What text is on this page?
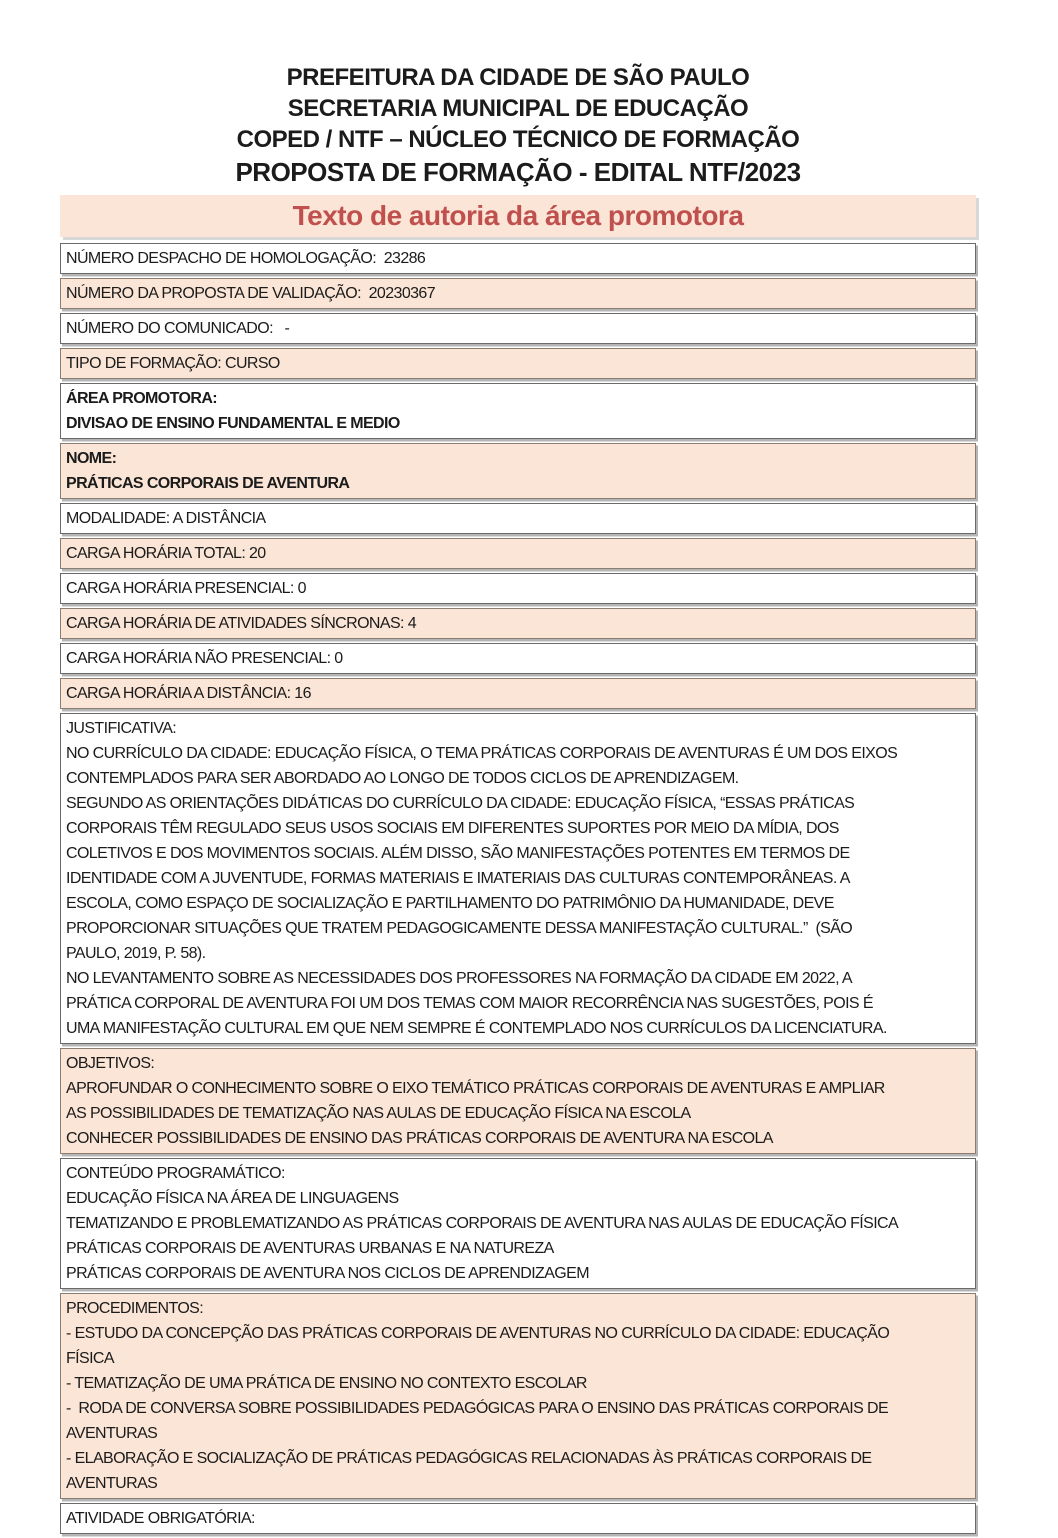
PREFEITURA DA CIDADE DE SÃO PAULO
SECRETARIA MUNICIPAL DE EDUCAÇÃO
COPED / NTF – NÚCLEO TÉCNICO DE FORMAÇÃO
PROPOSTA DE FORMAÇÃO - EDITAL NTF/2023
Texto de autoria da área promotora
NÚMERO DESPACHO DE HOMOLOGAÇÃO:  23286
NÚMERO DA PROPOSTA DE VALIDAÇÃO:  20230367
NÚMERO DO COMUNICADO:   -
TIPO DE FORMAÇÃO: CURSO
ÁREA PROMOTORA:
DIVISAO DE ENSINO FUNDAMENTAL E MEDIO
NOME:
PRÁTICAS CORPORAIS DE AVENTURA
MODALIDADE: A DISTÂNCIA
CARGA HORÁRIA TOTAL: 20
CARGA HORÁRIA PRESENCIAL: 0
CARGA HORÁRIA DE ATIVIDADES SÍNCRONAS: 4
CARGA HORÁRIA NÃO PRESENCIAL: 0
CARGA HORÁRIA A DISTÂNCIA: 16
JUSTIFICATIVA:
NO CURRÍCULO DA CIDADE: EDUCAÇÃO FÍSICA, O TEMA PRÁTICAS CORPORAIS DE AVENTURAS É UM DOS EIXOS
CONTEMPLADOS PARA SER ABORDADO AO LONGO DE TODOS CICLOS DE APRENDIZAGEM.
SEGUNDO AS ORIENTAÇÕES DIDÁTICAS DO CURRÍCULO DA CIDADE: EDUCAÇÃO FÍSICA, “ESSAS PRÁTICAS
CORPORAIS TÊM REGULADO SEUS USOS SOCIAIS EM DIFERENTES SUPORTES POR MEIO DA MÍDIA, DOS
COLETIVOS E DOS MOVIMENTOS SOCIAIS. ALÉM DISSO, SÃO MANIFESTAÇÕES POTENTES EM TERMOS DE
IDENTIDADE COM A JUVENTUDE, FORMAS MATERIAIS E IMATERIAIS DAS CULTURAS CONTEMPORÂNEAS. A
ESCOLA, COMO ESPAÇO DE SOCIALIZAÇÃO E PARTILHAMENTO DO PATRIMÔNIO DA HUMANIDADE, DEVE
PROPORCIONAR SITUAÇÕES QUE TRATEM PEDAGOGICAMENTE DESSA MANIFESTAÇÃO CULTURAL.”  (SÃO
PAULO, 2019, P. 58).
NO LEVANTAMENTO SOBRE AS NECESSIDADES DOS PROFESSORES NA FORMAÇÃO DA CIDADE EM 2022, A
PRÁTICA CORPORAL DE AVENTURA FOI UM DOS TEMAS COM MAIOR RECORRÊNCIA NAS SUGESTÕES, POIS É
UMA MANIFESTAÇÃO CULTURAL EM QUE NEM SEMPRE É CONTEMPLADO NOS CURRÍCULOS DA LICENCIATURA.
OBJETIVOS:
APROFUNDAR O CONHECIMENTO SOBRE O EIXO TEMÁTICO PRÁTICAS CORPORAIS DE AVENTURAS E AMPLIAR
AS POSSIBILIDADES DE TEMATIZAÇÃO NAS AULAS DE EDUCAÇÃO FÍSICA NA ESCOLA
CONHECER POSSIBILIDADES DE ENSINO DAS PRÁTICAS CORPORAIS DE AVENTURA NA ESCOLA
CONTEÚDO PROGRAMÁTICO:
EDUCAÇÃO FÍSICA NA ÁREA DE LINGUAGENS
TEMATIZANDO E PROBLEMATIZANDO AS PRÁTICAS CORPORAIS DE AVENTURA NAS AULAS DE EDUCAÇÃO FÍSICA
PRÁTICAS CORPORAIS DE AVENTURAS URBANAS E NA NATUREZA
PRÁTICAS CORPORAIS DE AVENTURA NOS CICLOS DE APRENDIZAGEM
PROCEDIMENTOS:
- ESTUDO DA CONCEPÇÃO DAS PRÁTICAS CORPORAIS DE AVENTURAS NO CURRÍCULO DA CIDADE: EDUCAÇÃO
FÍSICA
- TEMATIZAÇÃO DE UMA PRÁTICA DE ENSINO NO CONTEXTO ESCOLAR
-  RODA DE CONVERSA SOBRE POSSIBILIDADES PEDAGÓGICAS PARA O ENSINO DAS PRÁTICAS CORPORAIS DE
AVENTURAS
- ELABORAÇÃO E SOCIALIZAÇÃO DE PRÁTICAS PEDAGÓGICAS RELACIONADAS ÀS PRÁTICAS CORPORAIS DE
AVENTURAS
ATIVIDADE OBRIGATÓRIA:
